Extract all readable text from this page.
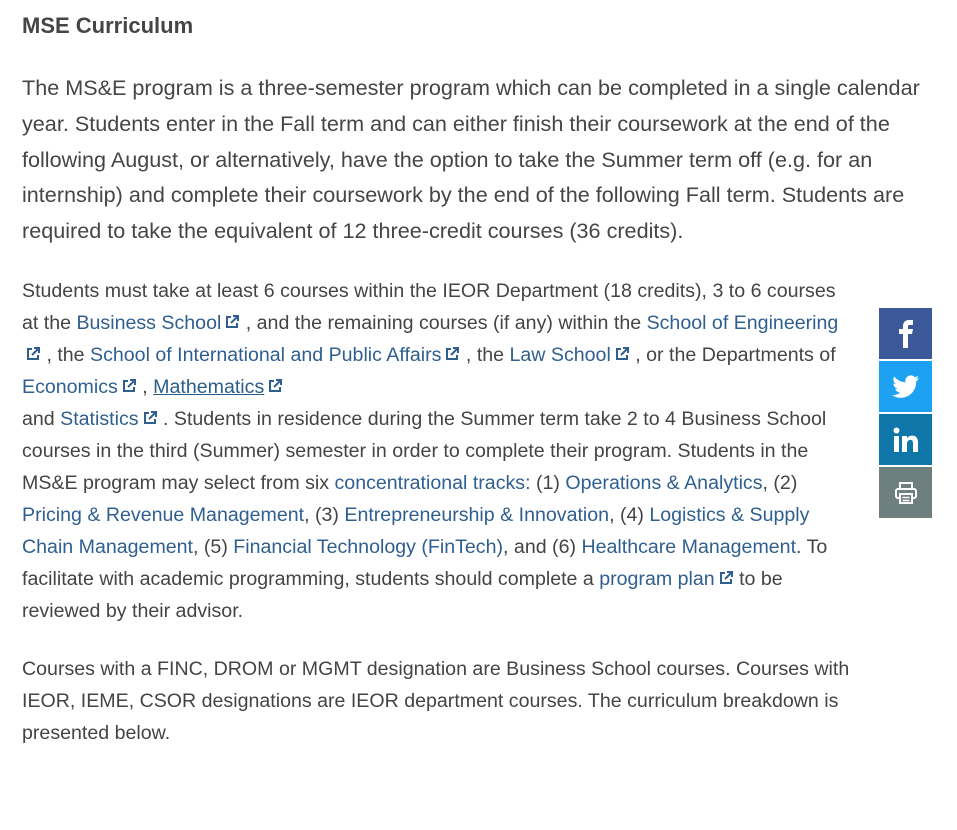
MSE Curriculum

The MS&E program is a three-semester program which can be completed in a single calendar year. Students enter in the Fall term and can either finish their coursework at the end of the following August, or alternatively, have the option to take the Summer term off (e.g. for an internship) and complete their coursework by the end of the following Fall term. Students are required to take the equivalent of 12 three-credit courses (36 credits).

Students must take at least 6 courses within the IEOR Department (18 credits), 3 to 6 courses at the Business School
, and the remaining courses (if any) within the School of Engineering
, the School of International and Public Affairs
, the Law School
, or the Departments of Economics
, Mathematics

and Statistics
. Students in residence during the Summer term take 2 to 4 Business School courses in the third (Summer) semester in order to complete their program. Students in the MS&E program may select from six concentrational tracks: (1) Operations & Analytics, (2) Pricing & Revenue Management, (3) Entrepreneurship & Innovation, (4) Logistics & Supply Chain Management, (5) Financial Technology (FinTech), and (6) Healthcare Management. To facilitate with academic programming, students should complete a program plan
to be reviewed by their advisor.

Courses with a FINC, DROM or MGMT designation are Business School courses. Courses with IEOR, IEME, CSOR designations are IEOR department courses. The curriculum breakdown is presented below.
